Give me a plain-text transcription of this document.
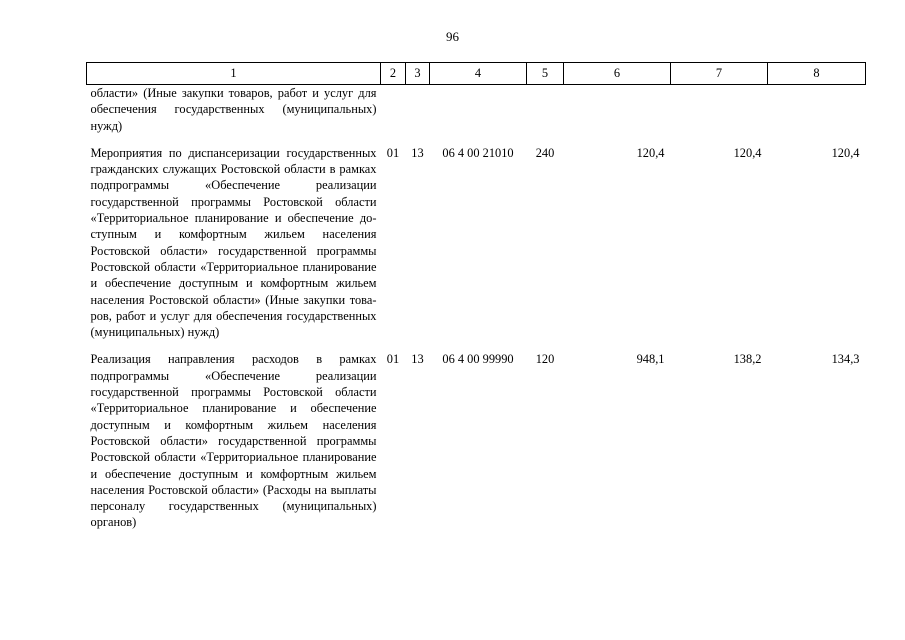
96
1	2	3	4	5	6	7	8
области» (Иные закупки товаров, работ и услуг для обеспечения государственных (муниципальных) нужд)							
Мероприятия по диспансеризации государственных гражданских служащих Ростовской области в рамках подпрограммы «Обеспечение реализации государственной программы Ростовской области «Территориальное планирование и обеспечение доступным и комфортным жильем населения Ростовской области» государственной программы Ростовской области «Территориальное планирование и обеспечение доступным и комфортным жильем населения Ростовской области» (Иные закупки товаров, работ и услуг для обеспечения государственных (муниципальных) нужд)	01	13	06 4 00 21010	240	120,4	120,4	120,4
Реализация направления расходов в рамках подпрограммы «Обеспечение реализации государственной программы Ростовской области «Территориальное планирование и обеспечение доступным и комфортным жильем населения Ростовской области» государственной программы Ростовской области «Территориальное планирование и обеспечение доступным и комфортным жильем населения Ростовской области» (Расходы на выплаты персоналу государственных (муниципальных) органов)	01	13	06 4 00 99990	120	948,1	138,2	134,3
